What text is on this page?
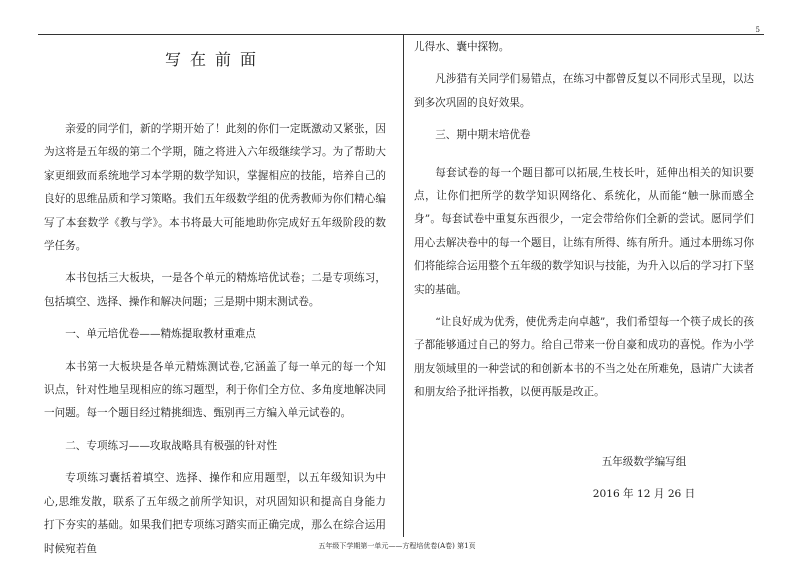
5
写在前面

亲爱的同学们，新的学期开始了！此刻的你们一定既激动又紧张，因为这将是五年级的第二个学期，随之将进入六年级继续学习。为了帮助大家更细致而系统地学习本学期的数学知识，掌握相应的技能，培养自己的良好的思维品质和学习策略。我们五年级数学组的优秀教师为你们精心编写了本套数学《教与学》。本书将最大可能地助你完成好五年级阶段的数学任务。

本书包括三大板块，一是各个单元的精炼培优试卷；二是专项练习，包括填空、选择、操作和解决问题；三是期中期末测试卷。

一、单元培优卷——精炼提取教材重难点

本书第一大板块是各单元精炼测试卷,它涵盖了每一单元的每一个知识点，针对性地呈现相应的练习题型，利于你们全方位、多角度地解决同一问题。每一个题目经过精挑细选、甄别再三方编入单元试卷的。

二、专项练习——攻取战略具有极强的针对性

专项练习囊括着填空、选择、操作和应用题型，以五年级知识为中心,思维发散，联系了五年级之前所学知识，对巩固知识和提高自身能力打下夯实的基础。如果我们把专项练习踏实而正确完成，那么在综合运用时候宛若鱼

儿得水、囊中探物。

凡涉猎有关同学们易错点，在练习中都曾反复以不同形式呈现，以达到多次巩固的良好效果。

三、期中期末培优卷

每套试卷的每一个题目都可以拓展,生枝长叶，延伸出相关的知识要点，让你们把所学的数学知识网络化、系统化，从而能“触一脉而感全身”。每套试卷中重复东西很少，一定会带给你们全新的尝试。愿同学们用心去解决卷中的每一个题目，让练有所得、练有所升。通过本册练习你们将能综合运用整个五年级的数学知识与技能，为升入以后的学习打下坚实的基础。

“让良好成为优秀，使优秀走向卓越”，我们希望每一个筷子成长的孩子都能够通过自己的努力。给自己带来一份自豪和成功的喜悦。作为小学朋友领域里的一种尝试的和创新本书的不当之处在所难免，恳请广大读者和朋友给予批评指教，以便再版是改正。

五年级数学编写组

2016 年 12 月 26 日

五年级下学期第一单元——方程培优卷(A卷) 第1页
